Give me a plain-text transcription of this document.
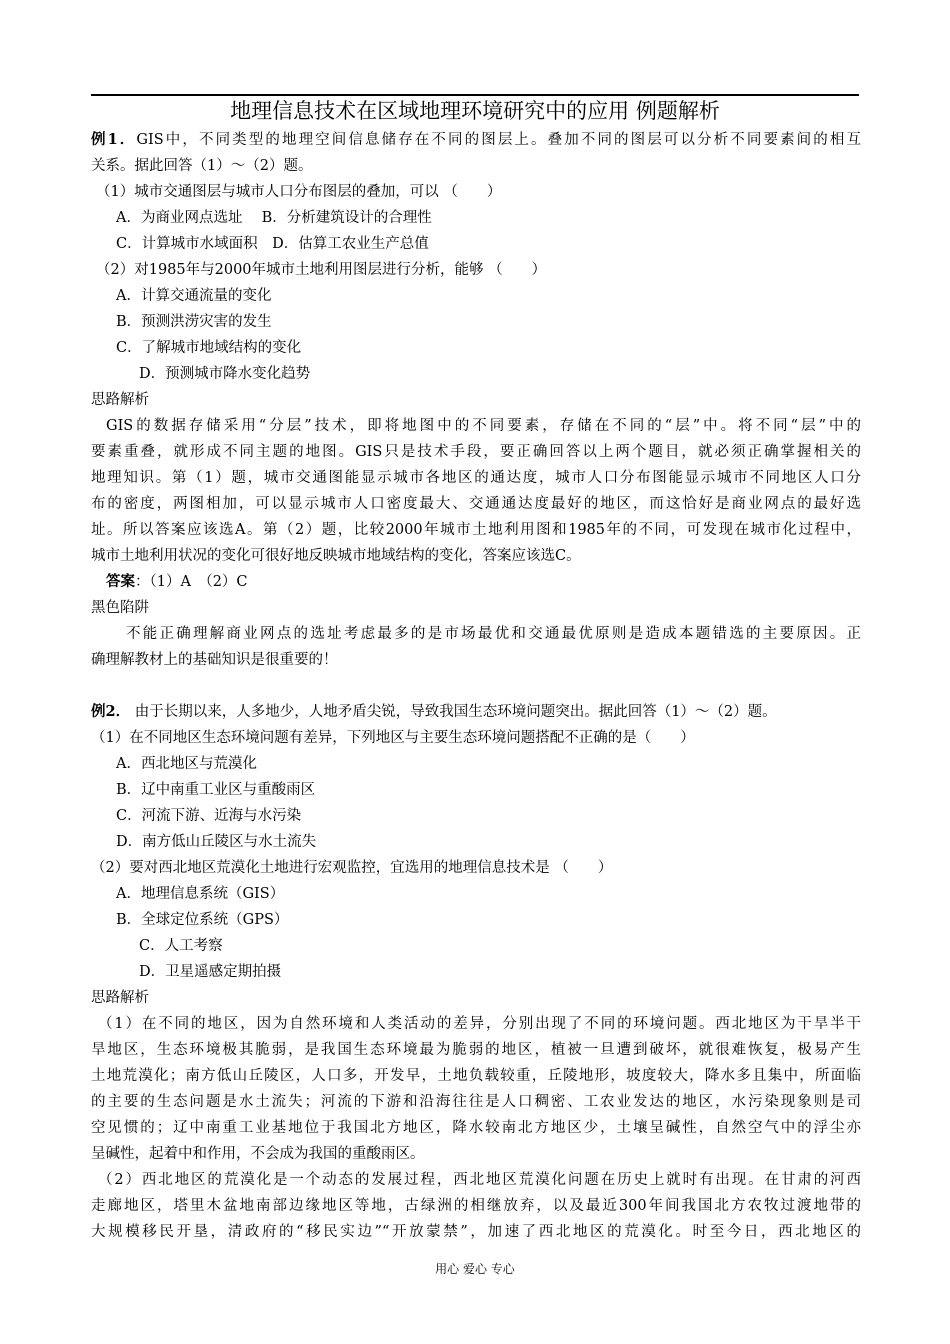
地理信息技术在区域地理环境研究中的应用 例题解析
例1．GIS中，不同类型的地理空间信息储存在不同的图层上。叠加不同的图层可以分析不同要素间的相互
关系。据此回答（1）～（2）题。
（1）城市交通图层与城市人口分布图层的叠加，可以 （　　）
A．为商业网点选址　 B．分析建筑设计的合理性
C．计算城市水域面积　D．估算工农业生产总值
（2）对1985年与2000年城市土地利用图层进行分析，能够 （　　）
A．计算交通流量的变化
B．预测洪涝灾害的发生
C．了解城市地域结构的变化
D．预测城市降水变化趋势
思路解析
GIS的数据存储采用“分层”技术，即将地图中的不同要素，存储在不同的“层”中。将不同“层”中的
要素重叠，就形成不同主题的地图。GIS只是技术手段，要正确回答以上两个题目，就必须正确掌握相关的
地理知识。第（1）题，城市交通图能显示城市各地区的通达度，城市人口分布图能显示城市不同地区人口分
布的密度，两图相加，可以显示城市人口密度最大、交通通达度最好的地区，而这恰好是商业网点的最好选
址。所以答案应该选A。第（2）题，比较2000年城市土地利用图和1985年的不同，可发现在城市化过程中，
城市土地利用状况的变化可很好地反映城市地域结构的变化，答案应该选C。
答案：（1）A　（2）C
黑色陷阱
不能正确理解商业网点的选址考虑最多的是市场最优和交通最优原则是造成本题错选的主要原因。正
确理解教材上的基础知识是很重要的！
例2． 由于长期以来，人多地少，人地矛盾尖锐，导致我国生态环境问题突出。据此回答（1）～（2）题。
（1）在不同地区生态环境问题有差异，下列地区与主要生态环境问题搭配不正确的是（　　）
A．西北地区与荒漠化
B．辽中南重工业区与重酸雨区
C．河流下游、近海与水污染
D．南方低山丘陵区与水土流失
（2）要对西北地区荒漠化土地进行宏观监控，宜选用的地理信息技术是 （　　）
A．地理信息系统（GIS）
B．全球定位系统（GPS）
C．人工考察
D．卫星遥感定期拍摄
思路解析
（1）在不同的地区，因为自然环境和人类活动的差异，分别出现了不同的环境问题。西北地区为干旱半干
旱地区，生态环境极其脆弱，是我国生态环境最为脆弱的地区，植被一旦遭到破坏，就很难恢复，极易产生
土地荒漠化；南方低山丘陵区，人口多，开发早，土地负载较重，丘陵地形，坡度较大，降水多且集中，所面临
的主要的生态问题是水土流失；河流的下游和沿海往往是人口稠密、工农业发达的地区，水污染现象则是司
空见惯的；辽中南重工业基地位于我国北方地区，降水较南北方地区少，土壤呈碱性，自然空气中的浮尘亦
呈碱性，起着中和作用，不会成为我国的重酸雨区。
（2）西北地区的荒漠化是一个动态的发展过程，西北地区荒漠化问题在历史上就时有出现。在甘肃的河西
走廊地区，塔里木盆地南部边缘地区等地，古绿洲的相继放弃，以及最近300年间我国北方农牧过渡地带的
大规模移民开垦，清政府的“移民实边”“开放蒙禁”，加速了西北地区的荒漠化。时至今日，西北地区的
用心 爱心 专心
